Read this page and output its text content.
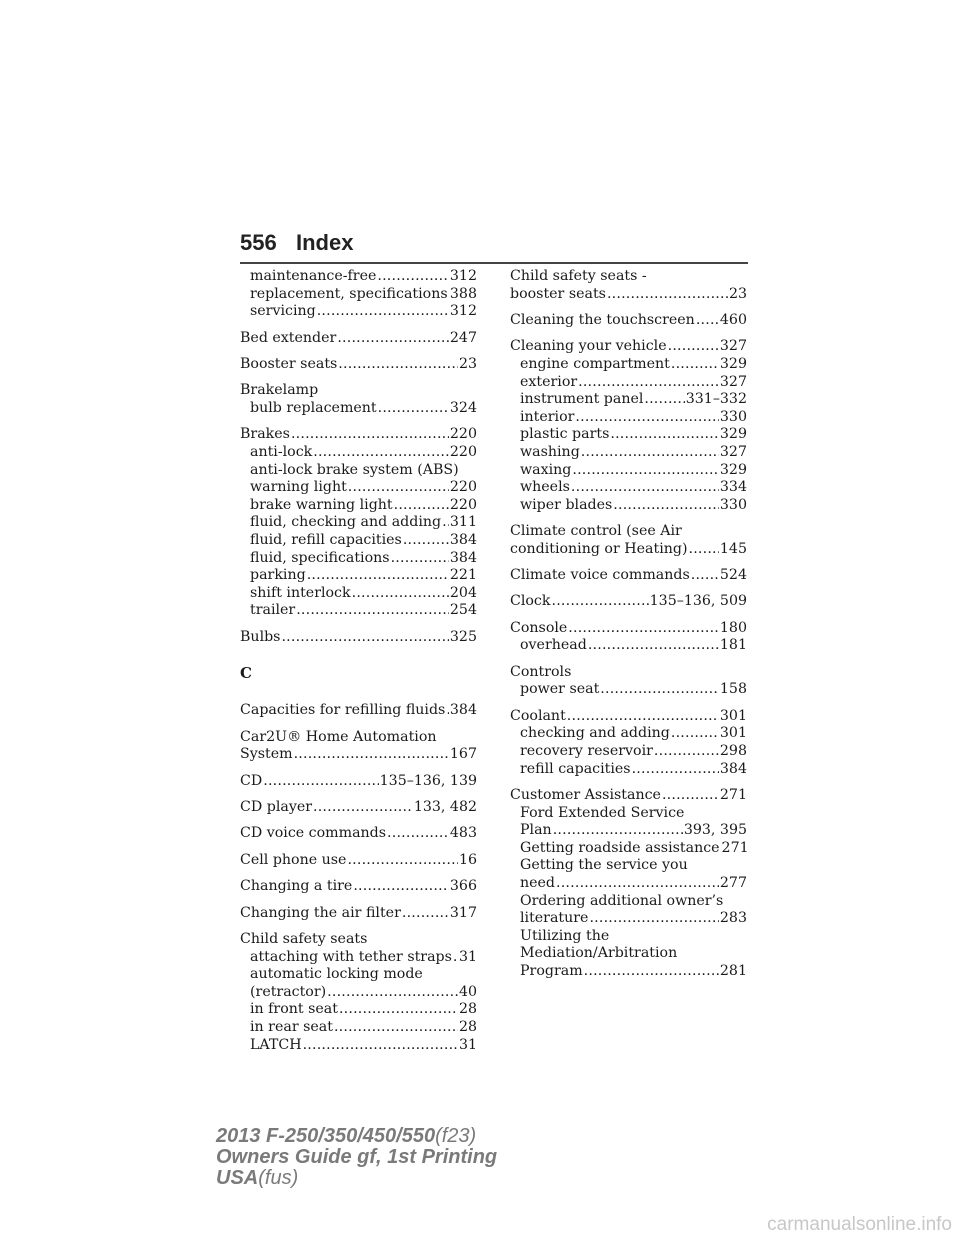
556 Index
maintenance-free .....	312
replacement, specifications ..... 388
servicing .....	312
Bed extender .....	247
Booster seats .....	23
Brakelamp
bulb replacement .....	324
Brakes .....	220
anti-lock .....	220
anti-lock brake system (ABS)
warning light .....	220
brake warning light .....	220
fluid, checking and adding ..... 311
fluid, refill capacities .....	384
fluid, specifications .....	384
parking .....	221
shift interlock .....	204
trailer .....	254
Bulbs .....	325
C
Capacities for refilling fluids ..... 384
Car2U® Home Automation
System .....	167
CD .....	135–136, 139
CD player .....	133, 482
CD voice commands .....	483
Cell phone use .....	16
Changing a tire .....	366
Changing the air filter .....	317
Child safety seats
attaching with tether straps ..... 31
automatic locking mode
(retractor) .....	40
in front seat .....	28
in rear seat .....	28
LATCH .....	31
Child safety seats -
booster seats .....	23
Cleaning the touchscreen ..... 460
Cleaning your vehicle .....	327
engine compartment .....	329
exterior .....	327
instrument panel .....	331–332
interior .....	330
plastic parts .....	329
washing .....	327
waxing .....	329
wheels .....	334
wiper blades .....	330
Climate control (see Air
conditioning or Heating) ..... 145
Climate voice commands ..... 524
Clock .....	135–136, 509
Console .....	180
overhead .....	181
Controls
power seat .....	158
Coolant .....	301
checking and adding .....	301
recovery reservoir .....	298
refill capacities .....	384
Customer Assistance .....	271
Ford Extended Service
Plan .....	393, 395
Getting roadside assistance 271
Getting the service you
need .....	277
Ordering additional owner’s
literature .....	283
Utilizing the
Mediation/Arbitration
Program .....	281
2013 F-250/350/450/550(f23)
Owners Guide gf, 1st Printing
USA(fus)
carmanualsonline.info
